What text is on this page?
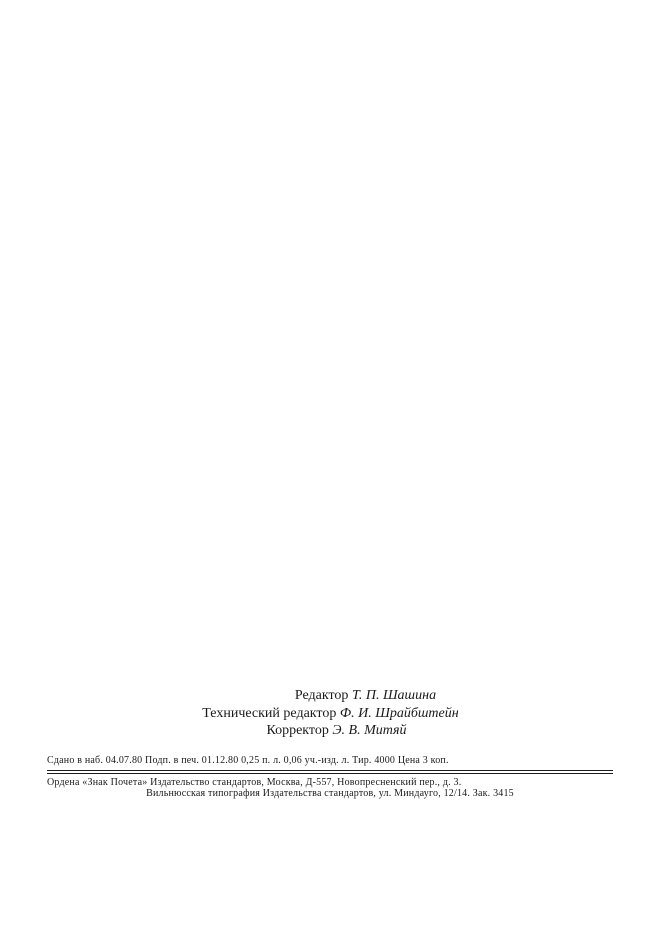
Редактор Т. П. Шашина
Технический редактор Ф. И. Шрайбштейн
Корректор Э. В. Митяй
Сдано в наб. 04.07.80 Подп. в печ. 01.12.80 0,25 п. л. 0,06 уч.-изд. л. Тир. 4000 Цена 3 коп.
Ордена «Знак Почета» Издательство стандартов, Москва, Д-557, Новопресненский пер., д. 3.
Вильнюсская типография Издательства стандартов, ул. Миндауго, 12/14. Зак. 3415
